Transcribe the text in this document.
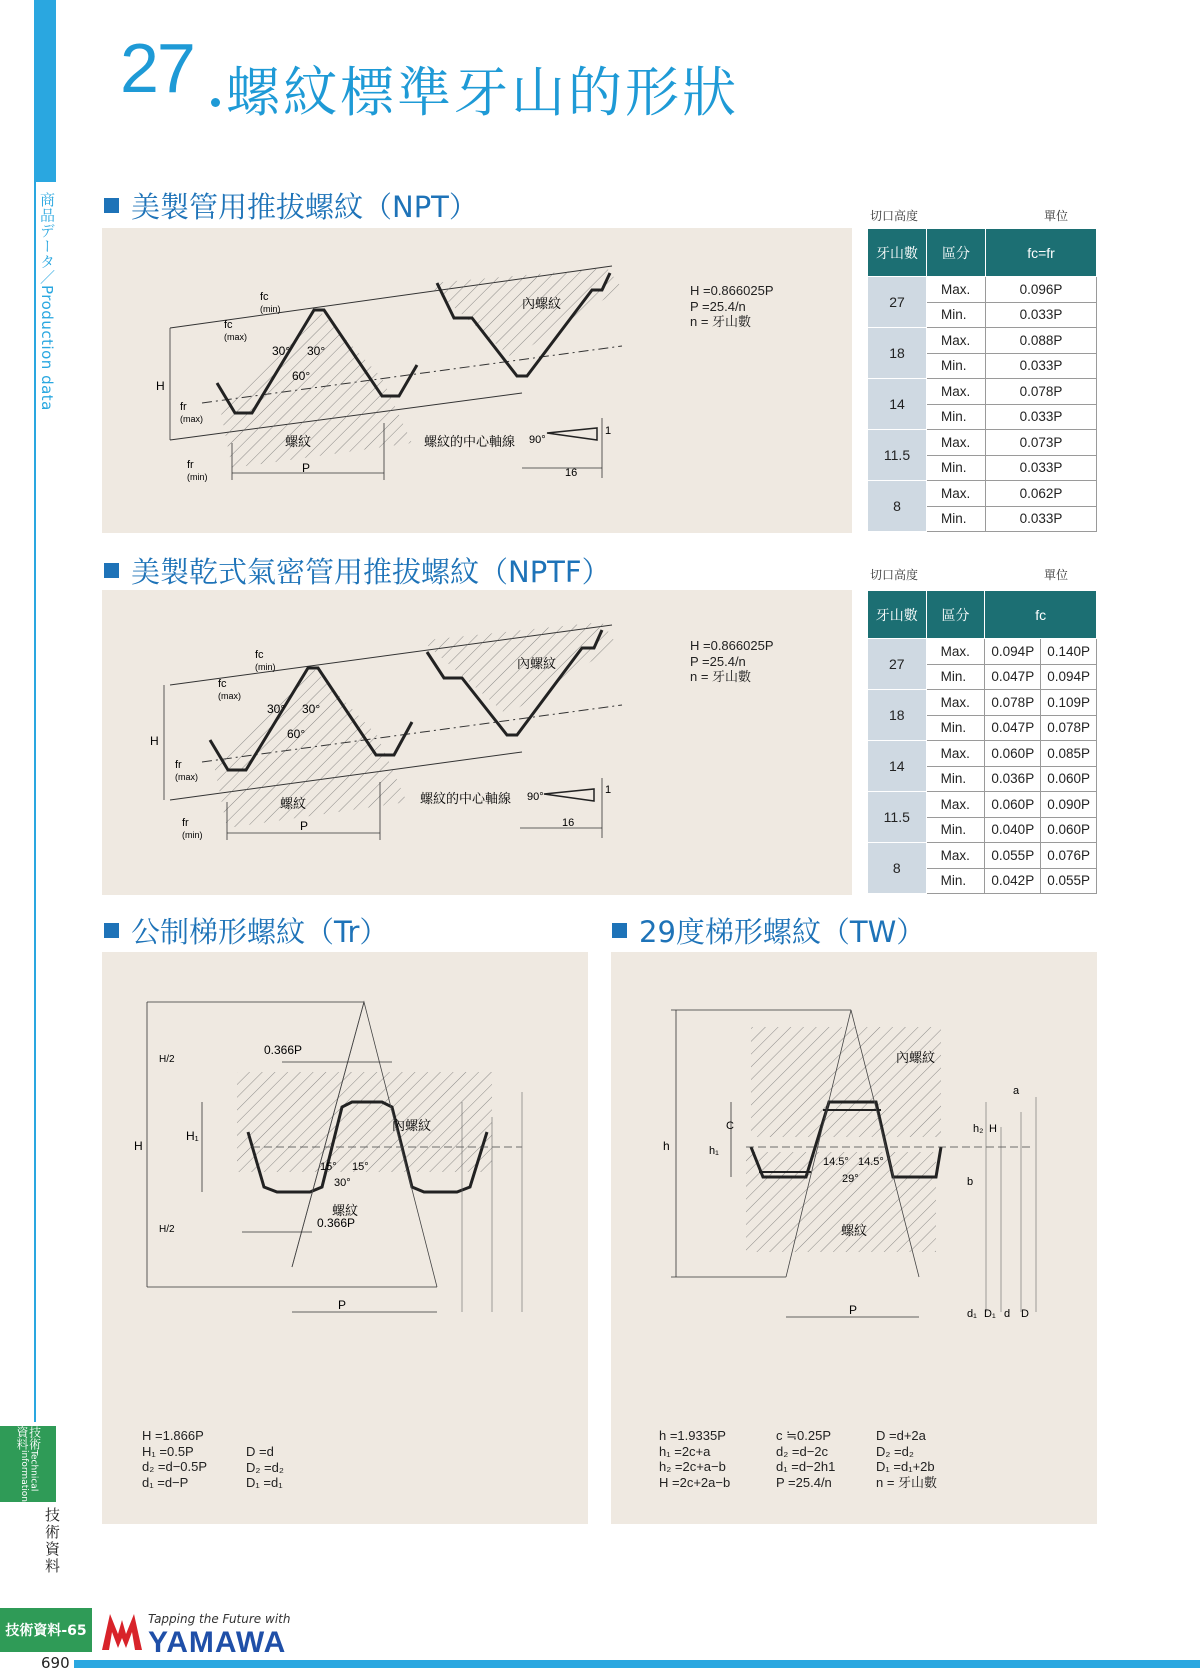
商品データ／Production data
技術資料
Technical information
技術資料
27 螺紋標準牙山的形狀
美製管用推拔螺紋（NPT）
H
P
30° 30°
60°
螺紋
內螺紋
螺紋的中心軸線 90°
16
1
fc
(min)
fc
(max)
fr
(max)
fr
(min)
H =0.866025P
P =25.4/n
n = 牙山數
切口高度	單位
牙山數	區分	fc=fr
27	Max.	0.096P
	Min.	0.033P
18	Max.	0.088P
	Min.	0.033P
14	Max.	0.078P
	Min.	0.033P
11.5	Max.	0.073P
	Min.	0.033P
8	Max.	0.062P
	Min.	0.033P
美製乾式氣密管用推拔螺紋（NPTF）
H
P
30° 30°
60°
螺紋
內螺紋
螺紋的中心軸線 90°
16
1
fc
(min)
fc
(max)
fr
(max)
fr
(min)
H =0.866025P
P =25.4/n
n = 牙山數
切口高度	單位
牙山數	區分	fc	
27	Max.	0.094P	0.140P
	Min.	0.047P	0.094P
18	Max.	0.078P	0.109P
	Min.	0.047P	0.078P
14	Max.	0.060P	0.085P
	Min.	0.036P	0.060P
11.5	Max.	0.060P	0.090P
	Min.	0.040P	0.060P
8	Max.	0.055P	0.076P
	Min.	0.042P	0.055P
公制梯形螺紋（Tr）
0.366P
0.366P
內螺紋
螺紋
15° 15°
30°
P
H
H₁
H/2
H/2
H =1.866P
H₁ =0.5P
d₂ =d−0.5P
d₁ =d−P
D =d
D₂ =d₂
D₁ =d₁
29度梯形螺紋（TW）
內螺紋
螺紋
14.5° 14.5°
29°
P
h	h₁
h₂ H
C
a
b
d₁ D₁ d D
h =1.9335P
h₁ =2c+a
h₂ =2c+a−b
H =2c+2a−b
c ≒0.25P
d₂ =d−2c
d₁ =d−2h1
P =25.4/n
D =d+2a
D₂ =d₂
D₁ =d₁+2b
n = 牙山數
技術資料-65
Tapping the Future with
YAMAWA
690
